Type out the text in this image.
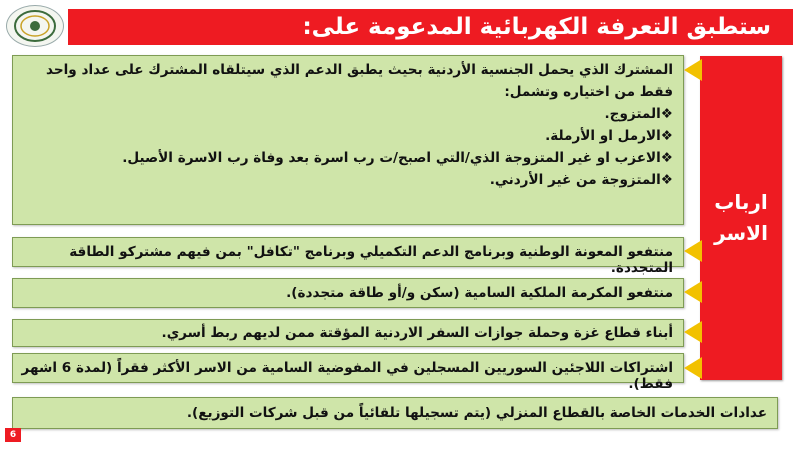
ستطبق التعرفة الكهربائية المدعومة على:
ارباب
الاسر
المشترك الذي يحمل الجنسية الأردنية بحيث يطبق الدعم الذي سيتلقاه المشترك على عداد واحد فقط من اختياره وتشمل:
❖المتزوج.
❖الارمل او الأرملة.
❖الاعزب او غير المتزوجة الذي/التي اصبح/ت رب اسرة بعد وفاة رب الاسرة الأصيل.
❖المتزوجة من غير الأردني.
منتفعو المعونة الوطنية وبرنامج الدعم التكميلي وبرنامج "تكافل" بمن فيهم مشتركو الطاقة المتجددة.
منتفعو المكرمة الملكية السامية (سكن و/أو طاقة متجددة).
أبناء قطاع غزة وحملة جوازات السفر الاردنية المؤقتة ممن لديهم ربط أسري.
اشتراكات اللاجئين السوريين المسجلين في المفوضية السامية من الاسر الأكثر فقراً (لمدة 6 اشهر فقط).
عدادات الخدمات الخاصة بالقطاع المنزلي (يتم تسجيلها تلقائياً من قبل شركات التوزيع).
6
